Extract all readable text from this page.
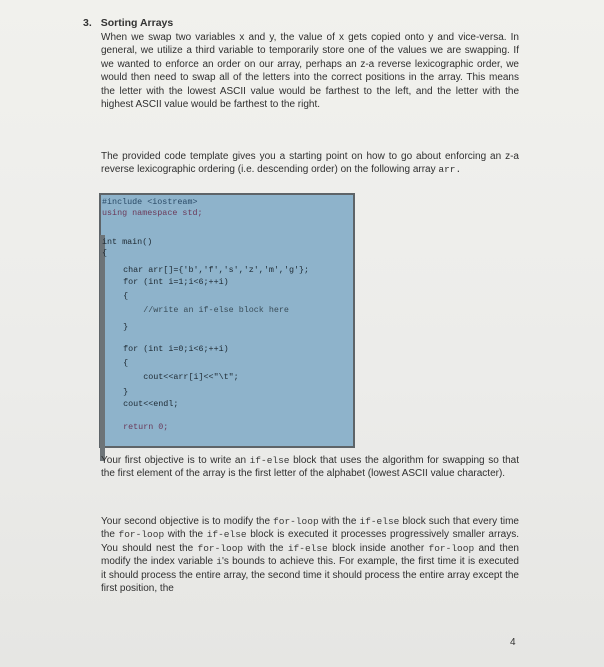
3. Sorting Arrays

When we swap two variables x and y, the value of x gets copied onto y and vice-versa. In general, we utilize a third variable to temporarily store one of the values we are swapping. If we wanted to enforce an order on our array, perhaps an z-a reverse lexicographic order, we would then need to swap all of the letters into the correct positions in the array. This means the letter with the lowest ASCII value would be farthest to the left, and the letter with the highest ASCII value would be farthest to the right.

The provided code template gives you a starting point on how to go about enforcing an z-a reverse lexicographic ordering (i.e. descending order) on the following array arr.

#include <iostream>
using namespace std;
int main()
{
char arr[]={'b','f','s','z','m','g'};
for (int i=1;i<6;++i)
{
//write an if-else block here
}
for (int i=0;i<6;++i)
{
cout<<arr[i]<<"\t";
}
cout<<endl;
return 0;

Your first objective is to write an if-else block that uses the algorithm for swapping so that the first element of the array is the first letter of the alphabet (lowest ASCII value character).

Your second objective is to modify the for-loop with the if-else block such that every time the for-loop with the if-else block is executed it processes progressively smaller arrays. You should nest the for-loop with the if-else block inside another for-loop and then modify the index variable i's bounds to achieve this. For example, the first time it is executed it should process the entire array, the second time it should process the entire array except the first position, the

4
